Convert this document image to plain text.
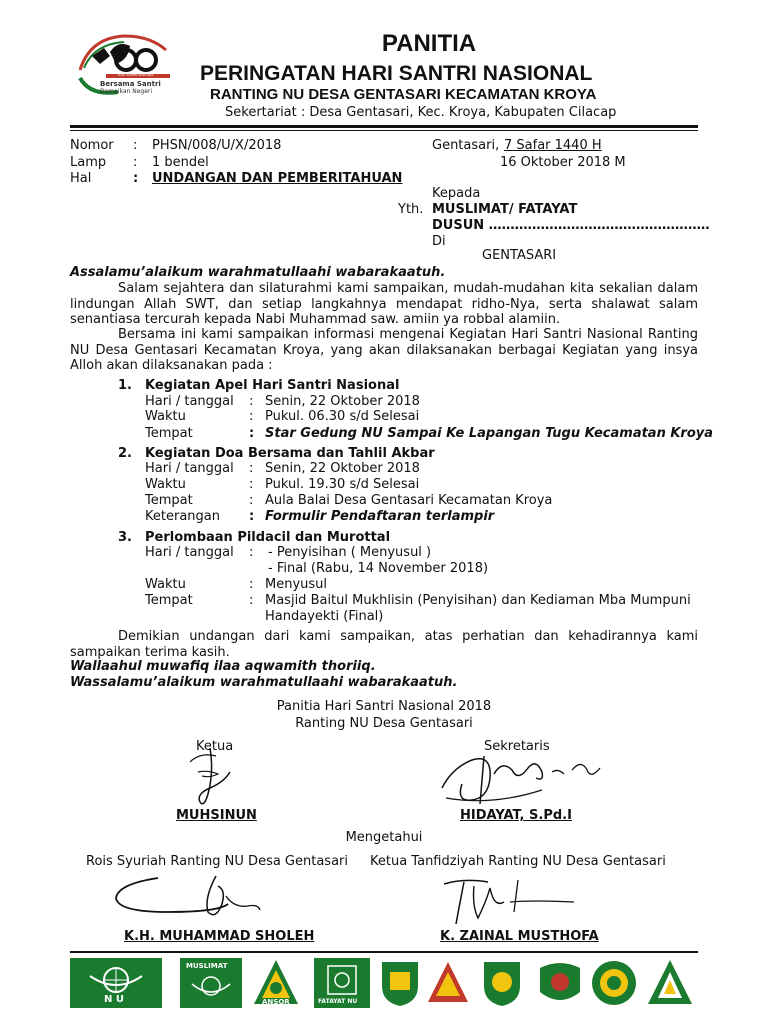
Bersama Santri
Damaikan Negeri
HARI SANTRI NASIONAL
PANITIA
PERINGATAN HARI SANTRI NASIONAL
RANTING NU DESA GENTASARI KECAMATAN KROYA
Sekertariat : Desa Gentasari, Kec. Kroya, Kabupaten Cilacap
Nomor : PHSN/008/U/X/2018
Lamp : 1 bendel
Hal	: UNDANGAN DAN PEMBERITAHUAN
Gentasari, 7 Safar 1440 H
16 Oktober 2018 M
Kepada
Yth. MUSLIMAT/ FATAYAT
DUSUN ……………………………………………
Di
GENTASARI
Assalamu’alaikum warahmatullaahi wabarakaatuh.
Salam sejahtera dan silaturahmi kami sampaikan, mudah-mudahan kita sekalian dalam lindungan Allah SWT, dan setiap langkahnya mendapat ridho-Nya, serta shalawat salam senantiasa tercurah kepada Nabi Muhammad saw. amiin ya robbal alamiin.
Bersama ini kami sampaikan informasi mengenai Kegiatan Hari Santri Nasional Ranting NU Desa Gentasari Kecamatan Kroya, yang akan dilaksanakan berbagai Kegiatan yang insya Alloh akan dilaksanakan pada :
1. Kegiatan Apel Hari Santri Nasional
Hari / tanggal : Senin, 22 Oktober 2018
Waktu	: Pukul. 06.30 s/d Selesai
Tempat	: Star Gedung NU Sampai Ke Lapangan Tugu Kecamatan Kroya
2. Kegiatan Doa Bersama dan Tahlil Akbar
Hari / tanggal : Senin, 22 Oktober 2018
Waktu	: Pukul. 19.30 s/d Selesai
Tempat	: Aula Balai Desa Gentasari Kecamatan Kroya
Keterangan : Formulir Pendaftaran terlampir
3. Perlombaan Pildacil dan Murottal
Hari / tanggal : - Penyisihan ( Menyusul )
- Final (Rabu, 14 November 2018)
Waktu	: Menyusul
Tempat	: Masjid Baitul Mukhlisin (Penyisihan) dan Kediaman Mba Mumpuni
Handayekti (Final)
Demikian undangan dari kami sampaikan, atas perhatian dan kehadirannya kami sampaikan terima kasih.
Wallaahul muwafiq ilaa aqwamith thoriiq.
Wassalamu’alaikum warahmatullaahi wabarakaatuh.
Panitia Hari Santri Nasional 2018
Ranting NU Desa Gentasari
Ketua
MUHSINUN
Sekretaris
HIDAYAT, S.Pd.I
Mengetahui
Rois Syuriah Ranting NU Desa Gentasari
K.H. MUHAMMAD SHOLEH
Ketua Tanfidziyah Ranting NU Desa Gentasari
K. ZAINAL MUSTHOFA
N U
MUSLIMAT
ANSOR	FATAYAT NU
